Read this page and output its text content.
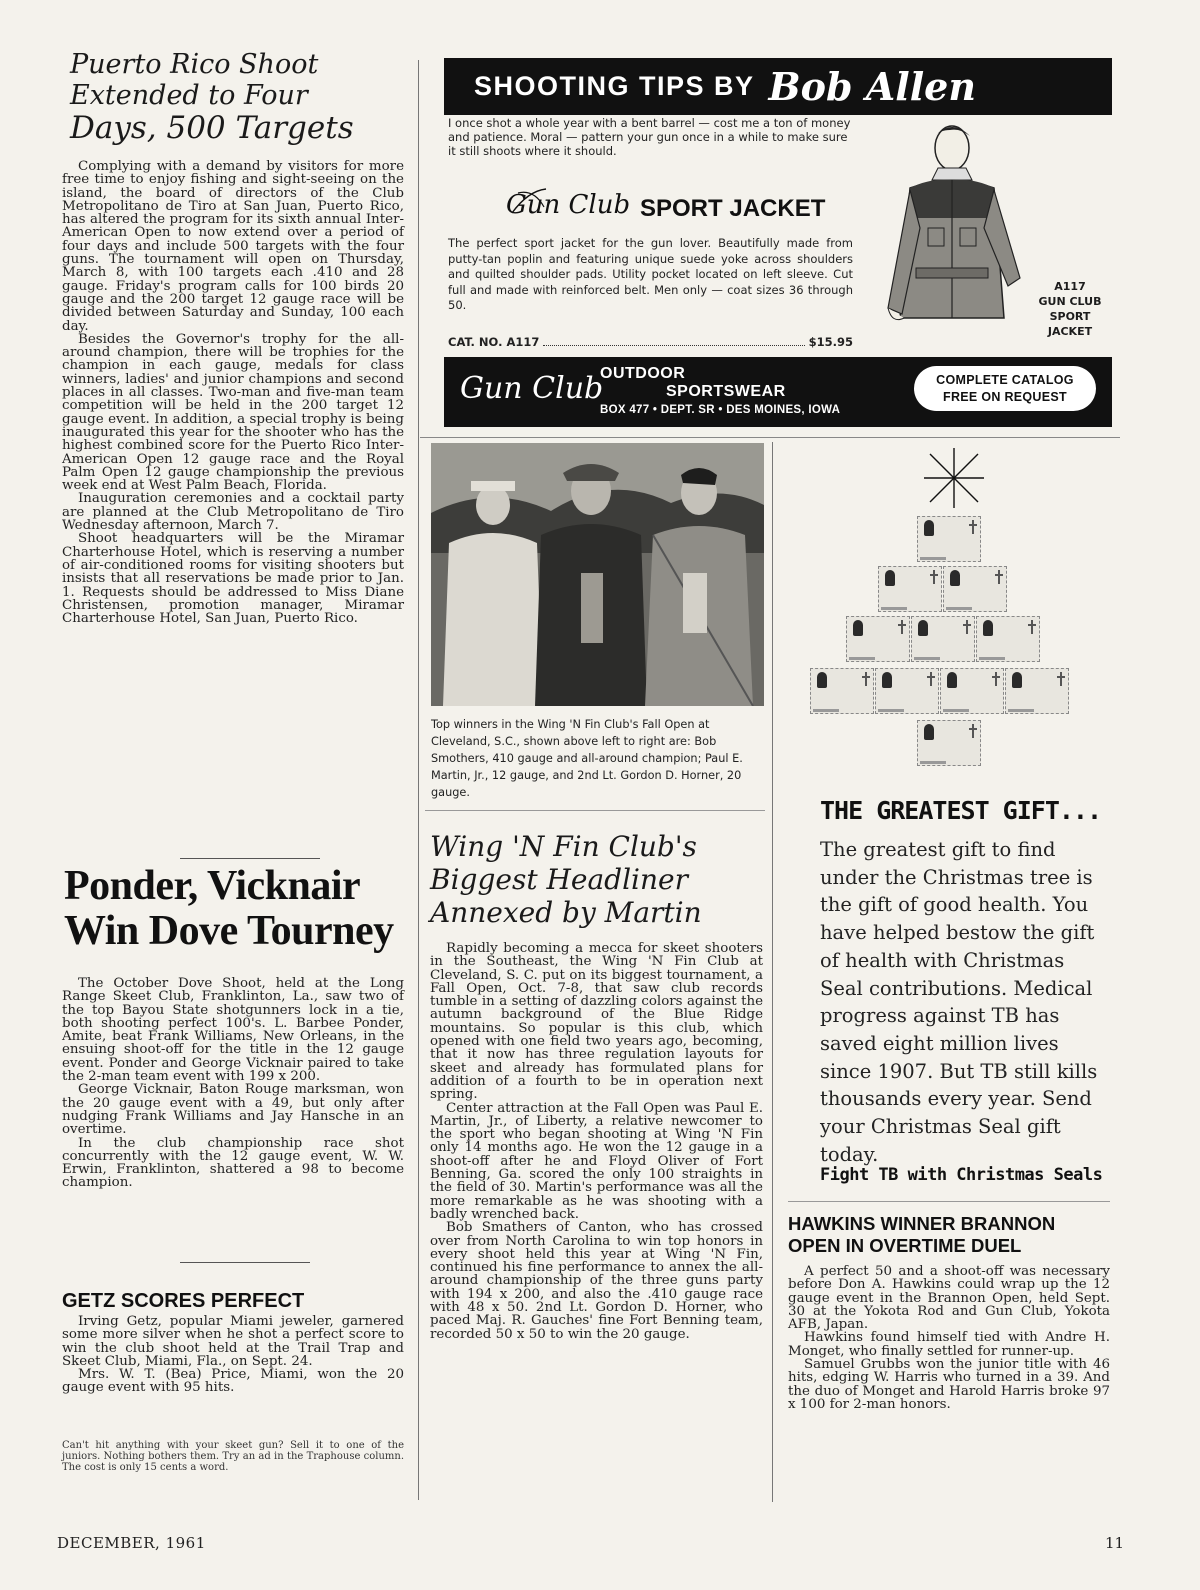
Puerto Rico Shoot
Extended to Four
Days, 500 Targets

Complying with a demand by visitors for more free time to enjoy fishing and sight-seeing on the island, the board of directors of the Club Metropolitano de Tiro at San Juan, Puerto Rico, has altered the program for its sixth annual Inter-American Open to now extend over a period of four days and include 500 targets with the four guns. The tournament will open on Thursday, March 8, with 100 targets each .410 and 28 gauge. Friday's program calls for 100 birds 20 gauge and the 200 target 12 gauge race will be divided between Saturday and Sunday, 100 each day.

Besides the Governor's trophy for the all-around champion, there will be trophies for the champion in each gauge, medals for class winners, ladies' and junior champions and second places in all classes. Two-man and five-man team competition will be held in the 200 target 12 gauge event. In addition, a special trophy is being inaugurated this year for the shooter who has the highest combined score for the Puerto Rico Inter-American Open 12 gauge race and the Royal Palm Open 12 gauge championship the previous week end at West Palm Beach, Florida.

Inauguration ceremonies and a cocktail party are planned at the Club Metropolitano de Tiro Wednesday afternoon, March 7.

Shoot headquarters will be the Miramar Charterhouse Hotel, which is reserving a number of air-conditioned rooms for visiting shooters but insists that all reservations be made prior to Jan. 1. Requests should be addressed to Miss Diane Christensen, promotion manager, Miramar Charterhouse Hotel, San Juan, Puerto Rico.

Ponder, Vicknair
Win Dove Tourney

The October Dove Shoot, held at the Long Range Skeet Club, Franklinton, La., saw two of the top Bayou State shotgunners lock in a tie, both shooting perfect 100's. L. Barbee Ponder, Amite, beat Frank Williams, New Orleans, in the ensuing shoot-off for the title in the 12 gauge event. Ponder and George Vicknair paired to take the 2-man team event with 199 x 200.

George Vicknair, Baton Rouge marksman, won the 20 gauge event with a 49, but only after nudging Frank Williams and Jay Hansche in an overtime.

In the club championship race shot concurrently with the 12 gauge event, W. W. Erwin, Franklinton, shattered a 98 to become champion.

GETZ SCORES PERFECT

Irving Getz, popular Miami jeweler, garnered some more silver when he shot a perfect score to win the club shoot held at the Trail Trap and Skeet Club, Miami, Fla., on Sept. 24.

Mrs. W. T. (Bea) Price, Miami, won the 20 gauge event with 95 hits.

Can't hit anything with your skeet gun? Sell it to one of the juniors. Nothing bothers them. Try an ad in the Traphouse column. The cost is only 15 cents a word.
DECEMBER, 1961	11
SHOOTING TIPS BY Bob Allen
I once shot a whole year with a bent barrel — cost me a ton of money and patience. Moral — pattern your gun once in a while to make sure it still shoots where it should.
Gun Club SPORT JACKET
The perfect sport jacket for the gun lover. Beautifully made from putty-tan poplin and featuring unique suede yoke across shoulders and quilted shoulder pads. Utility pocket located on left sleeve. Cut full and made with reinforced belt. Men only — coat sizes 36 through 50.
CAT. NO. A117	$15.95
A117
GUN CLUB
SPORT
JACKET
Gun Club
OUTDOOR
SPORTSWEAR
BOX 477 • DEPT. SR • DES MOINES, IOWA
COMPLETE CATALOG
FREE ON REQUEST
Top winners in the Wing 'N Fin Club's Fall Open at Cleveland, S.C., shown above left to right are: Bob Smothers, 410 gauge and all-around champion; Paul E. Martin, Jr., 12 gauge, and 2nd Lt. Gordon D. Horner, 20 gauge.
Wing 'N Fin Club's
Biggest Headliner
Annexed by Martin

Rapidly becoming a mecca for skeet shooters in the Southeast, the Wing 'N Fin Club at Cleveland, S. C. put on its biggest tournament, a Fall Open, Oct. 7-8, that saw club records tumble in a setting of dazzling colors against the autumn background of the Blue Ridge mountains. So popular is this club, which opened with one field two years ago, becoming, that it now has three regulation layouts for skeet and already has formulated plans for addition of a fourth to be in operation next spring.

Center attraction at the Fall Open was Paul E. Martin, Jr., of Liberty, a relative newcomer to the sport who began shooting at Wing 'N Fin only 14 months ago. He won the 12 gauge in a shoot-off after he and Floyd Oliver of Fort Benning, Ga. scored the only 100 straights in the field of 30. Martin's performance was all the more remarkable as he was shooting with a badly wrenched back.

Bob Smathers of Canton, who has crossed over from North Carolina to win top honors in every shoot held this year at Wing 'N Fin, continued his fine performance to annex the all-around championship of the three guns party with 194 x 200, and also the .410 gauge race with 48 x 50. 2nd Lt. Gordon D. Horner, who paced Maj. R. Gauches' fine Fort Benning team, recorded 50 x 50 to win the 20 gauge.

THE GREATEST GIFT...
The greatest gift to find under the Christmas tree is the gift of good health. You have helped bestow the gift of health with Christmas Seal contributions. Medical progress against TB has saved eight million lives since 1907. But TB still kills thousands every year. Send your Christmas Seal gift today.
Fight TB with Christmas Seals
HAWKINS WINNER BRANNON
OPEN IN OVERTIME DUEL

A perfect 50 and a shoot-off was necessary before Don A. Hawkins could wrap up the 12 gauge event in the Brannon Open, held Sept. 30 at the Yokota Rod and Gun Club, Yokota AFB, Japan.

Hawkins found himself tied with Andre H. Monget, who finally settled for runner-up.

Samuel Grubbs won the junior title with 46 hits, edging W. Harris who turned in a 39. And the duo of Monget and Harold Harris broke 97 x 100 for 2-man honors.
